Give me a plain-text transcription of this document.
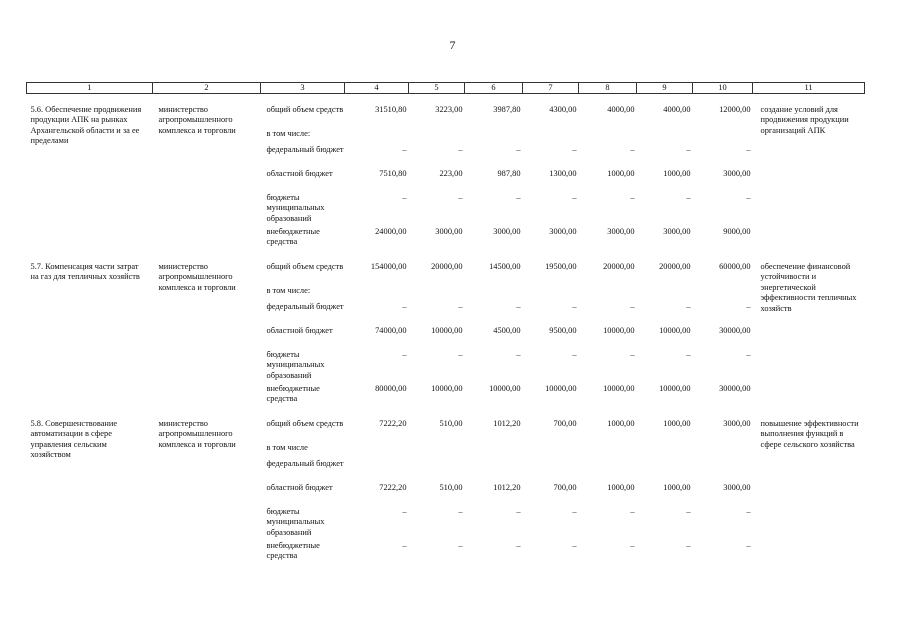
7
1	2	3	4	5	6	7	8	9	10	11

5.6. Обеспечение продвижения продукции АПК на рынках Архангельской области и за ее пределами	министерство агропромышленного комплекса и торговли	общий объем средств	31510,80	3223,00	3987,80	4300,00	4000,00	4000,00	12000,00	создание условий для продвижения продукции организаций АПК
		в том числе:								
		федеральный бюджет	–	–	–	–	–	–	–	
		областной бюджет	7510,80	223,00	987,80	1300,00	1000,00	1000,00	3000,00	
		бюджеты муниципальных образований	–	–	–	–	–	–	–	
		внебюджетные средства	24000,00	3000,00	3000,00	3000,00	3000,00	3000,00	9000,00	

5.7. Компенсация части затрат на газ для тепличных хозяйств	министерство агропромышленного комплекса и торговли	общий объем средств	154000,00	20000,00	14500,00	19500,00	20000,00	20000,00	60000,00	обеспечение финансовой устойчивости и энергетической эффективности тепличных хозяйств
		в том числе:								
		федеральный бюджет	–	–	–	–	–	–	–	
		областной бюджет	74000,00	10000,00	4500,00	9500,00	10000,00	10000,00	30000,00	
		бюджеты муниципальных образований	–	–	–	–	–	–	–	
		внебюджетные средства	80000,00	10000,00	10000,00	10000,00	10000,00	10000,00	30000,00	

5.8. Совершенствование автоматизации в сфере управления сельским хозяйством	министерство агропромышленного комплекса и торговли	общий объем средств	7222,20	510,00	1012,20	700,00	1000,00	1000,00	3000,00	повышение эффективности выполнения функций в сфере сельского хозяйства
		в том числе								
		федеральный бюджет								
		областной бюджет	7222,20	510,00	1012,20	700,00	1000,00	1000,00	3000,00	
		бюджеты муниципальных образований	–	–	–	–	–	–	–	
		внебюджетные средства	–	–	–	–	–	–	–	
